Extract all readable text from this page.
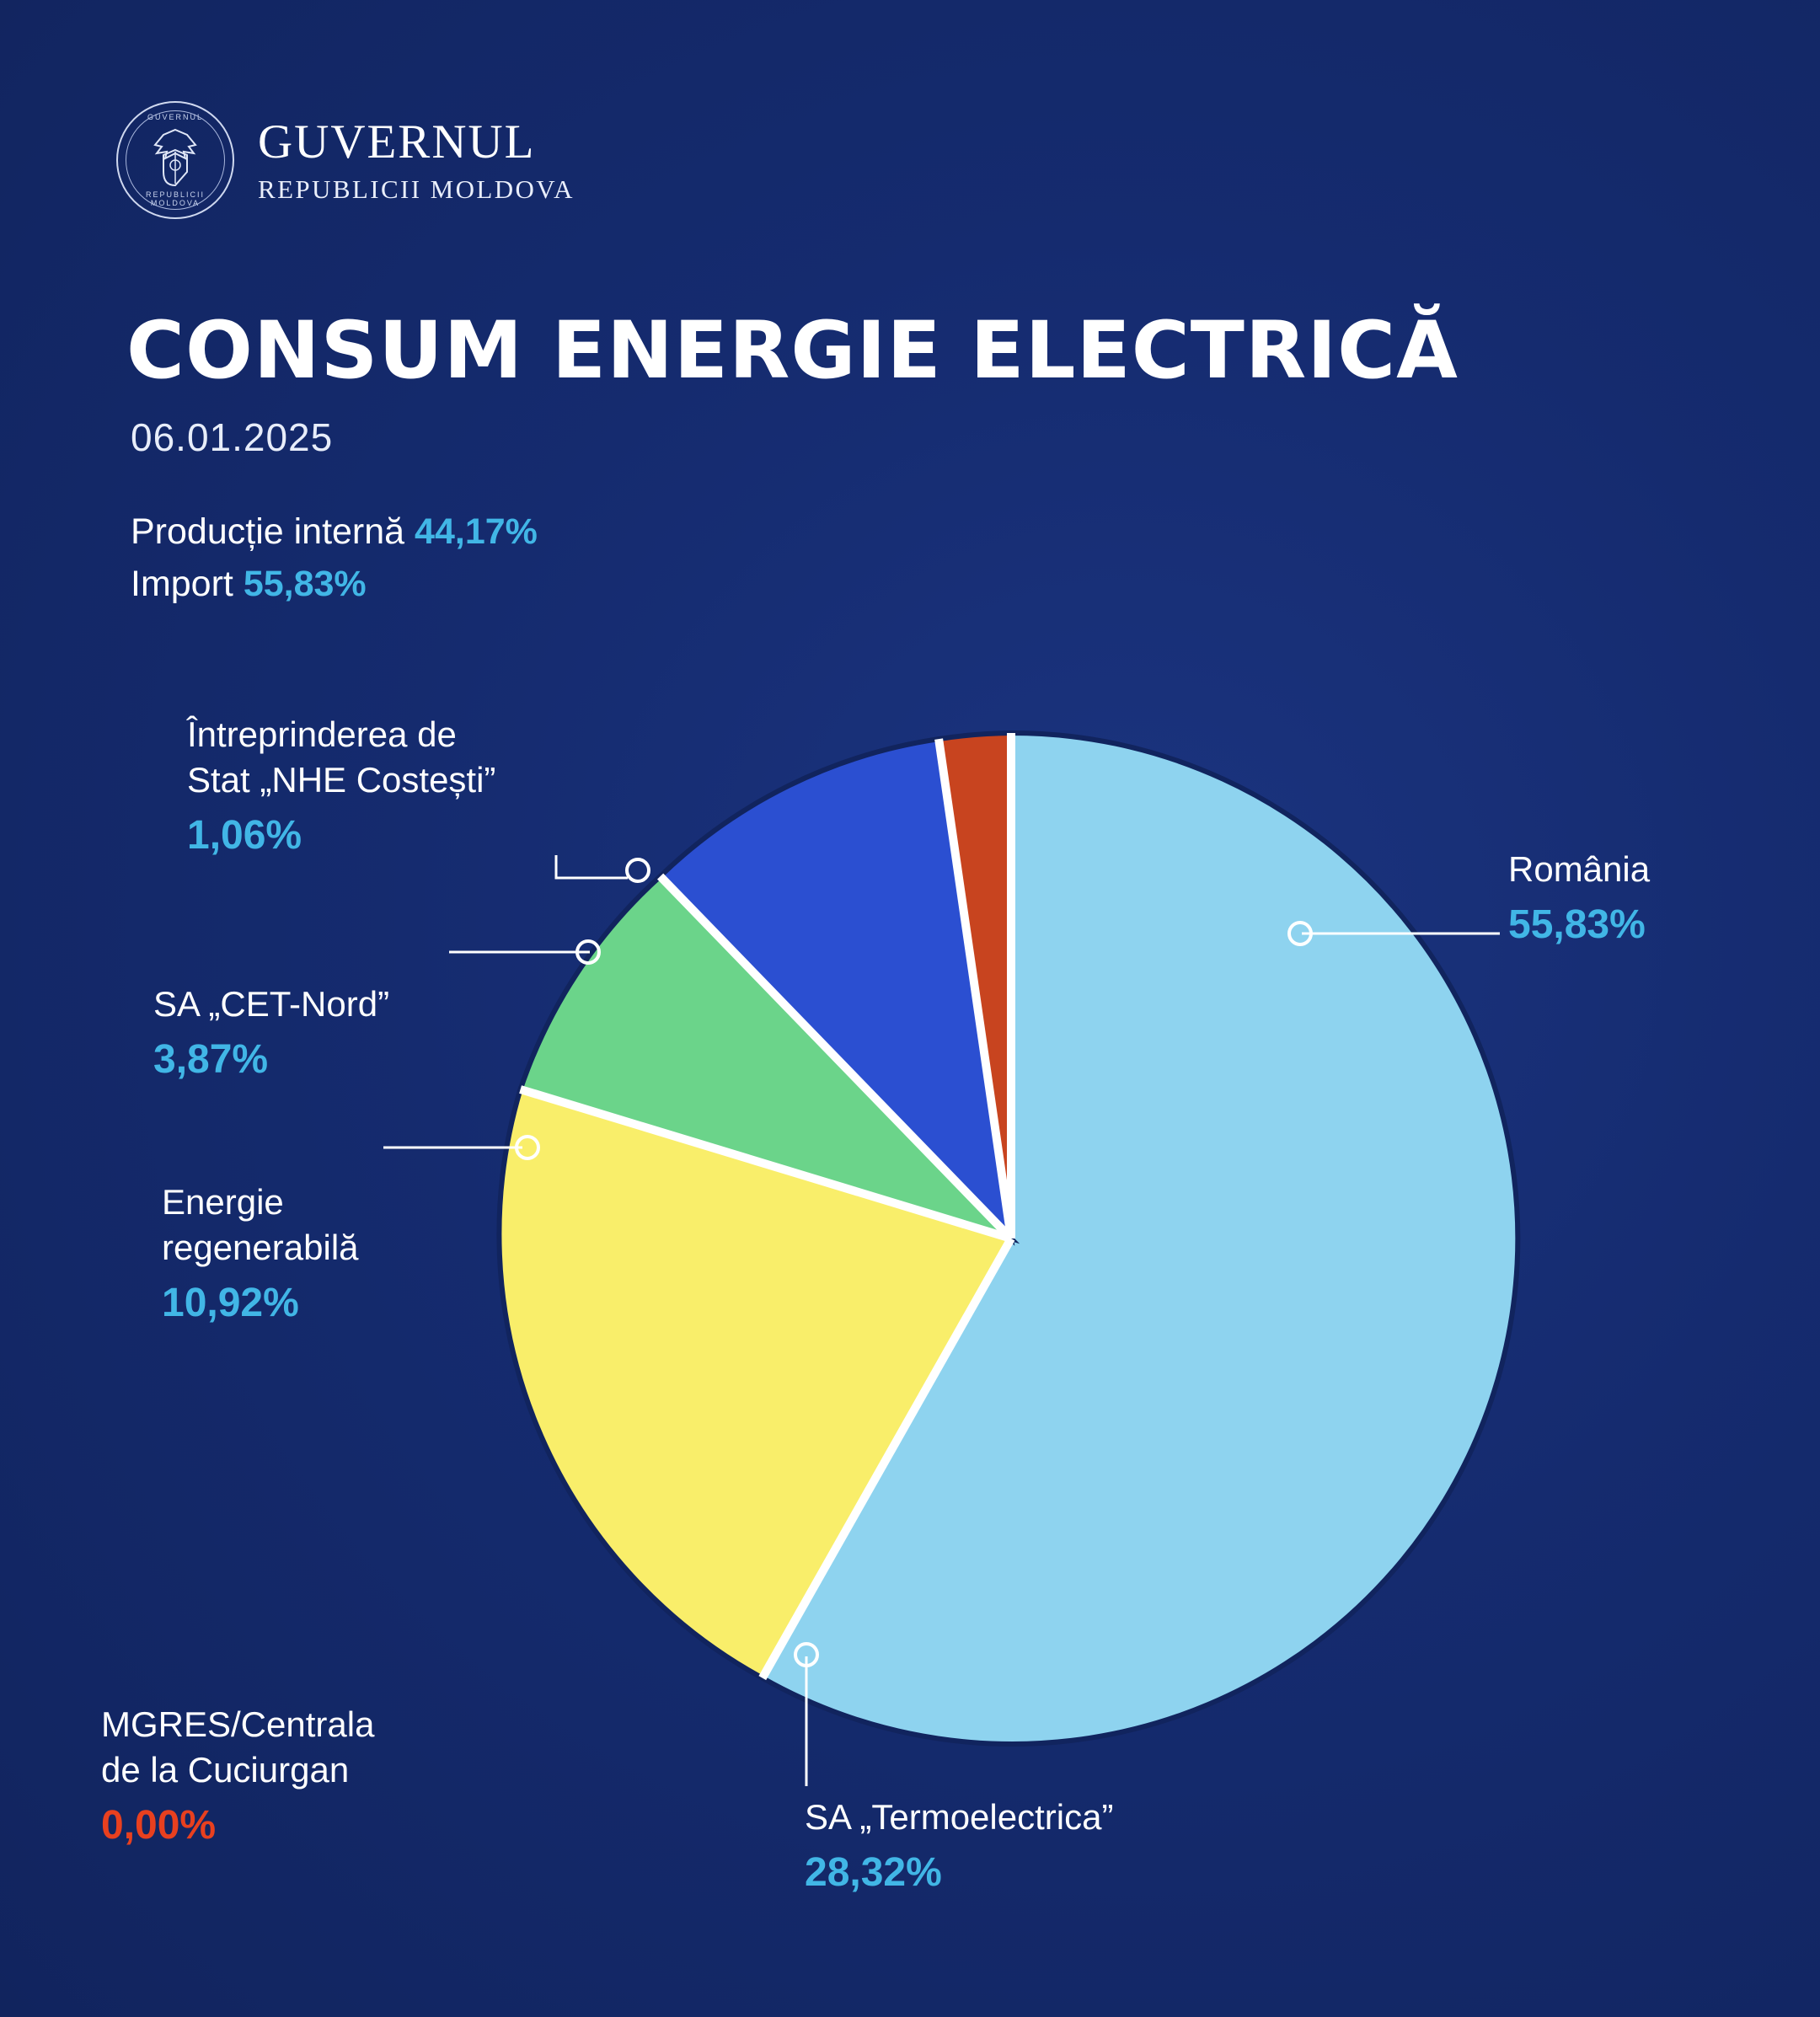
GUVERNUL
REPUBLICII MOLDOVA
GUVERNUL
REPUBLICII MOLDOVA
CONSUM ENERGIE ELECTRICĂ
06.01.2025
Producție internă 44,17%
Import 55,83%
Întreprinderea de
Stat „NHE Costești”
1,06%
SA „CET-Nord”
3,87%
Energie
regenerabilă
10,92%
MGRES/Centrala
de la Cuciurgan
0,00%
România
55,83%
SA „Termoelectrica”
28,32%
